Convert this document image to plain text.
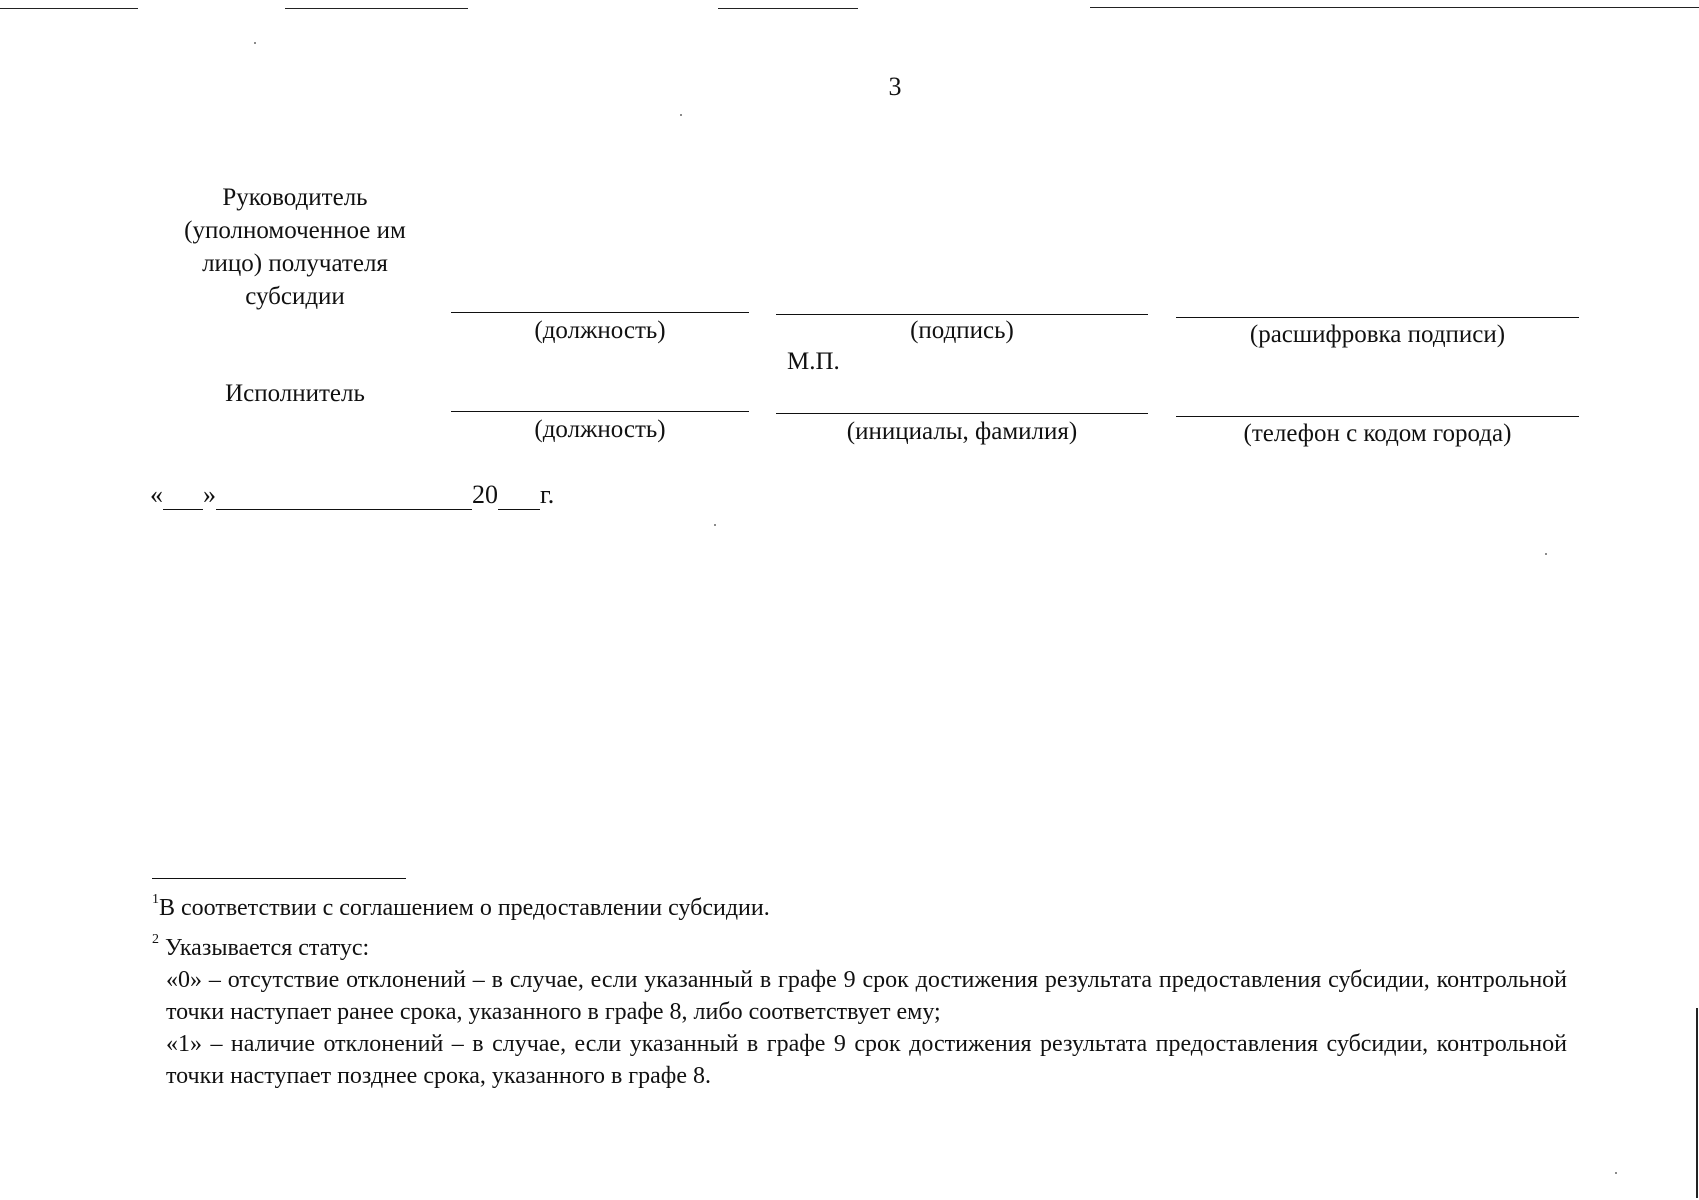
3
Руководитель
(уполномоченное им
лицо) получателя
субсидии
(должность)	(подпись)	(расшифровка подписи)
М.П.
Исполнитель
(должность)	(инициалы, фамилия)	(телефон с кодом города)
« »	20 г.

$^1$В соответствии с соглашением о предоставлении субсидии.

$^2$ Указывается статус:

«0» – отсутствие отклонений – в случае, если указанный в графе 9 срок достижения результата предоставления субсидии, контрольной точки наступает ранее срока, указанного в графе 8, либо соответствует ему;

«1» – наличие отклонений – в случае, если указанный в графе 9 срок достижения результата предоставления субсидии, контрольной точки наступает позднее срока, указанного в графе 8.
